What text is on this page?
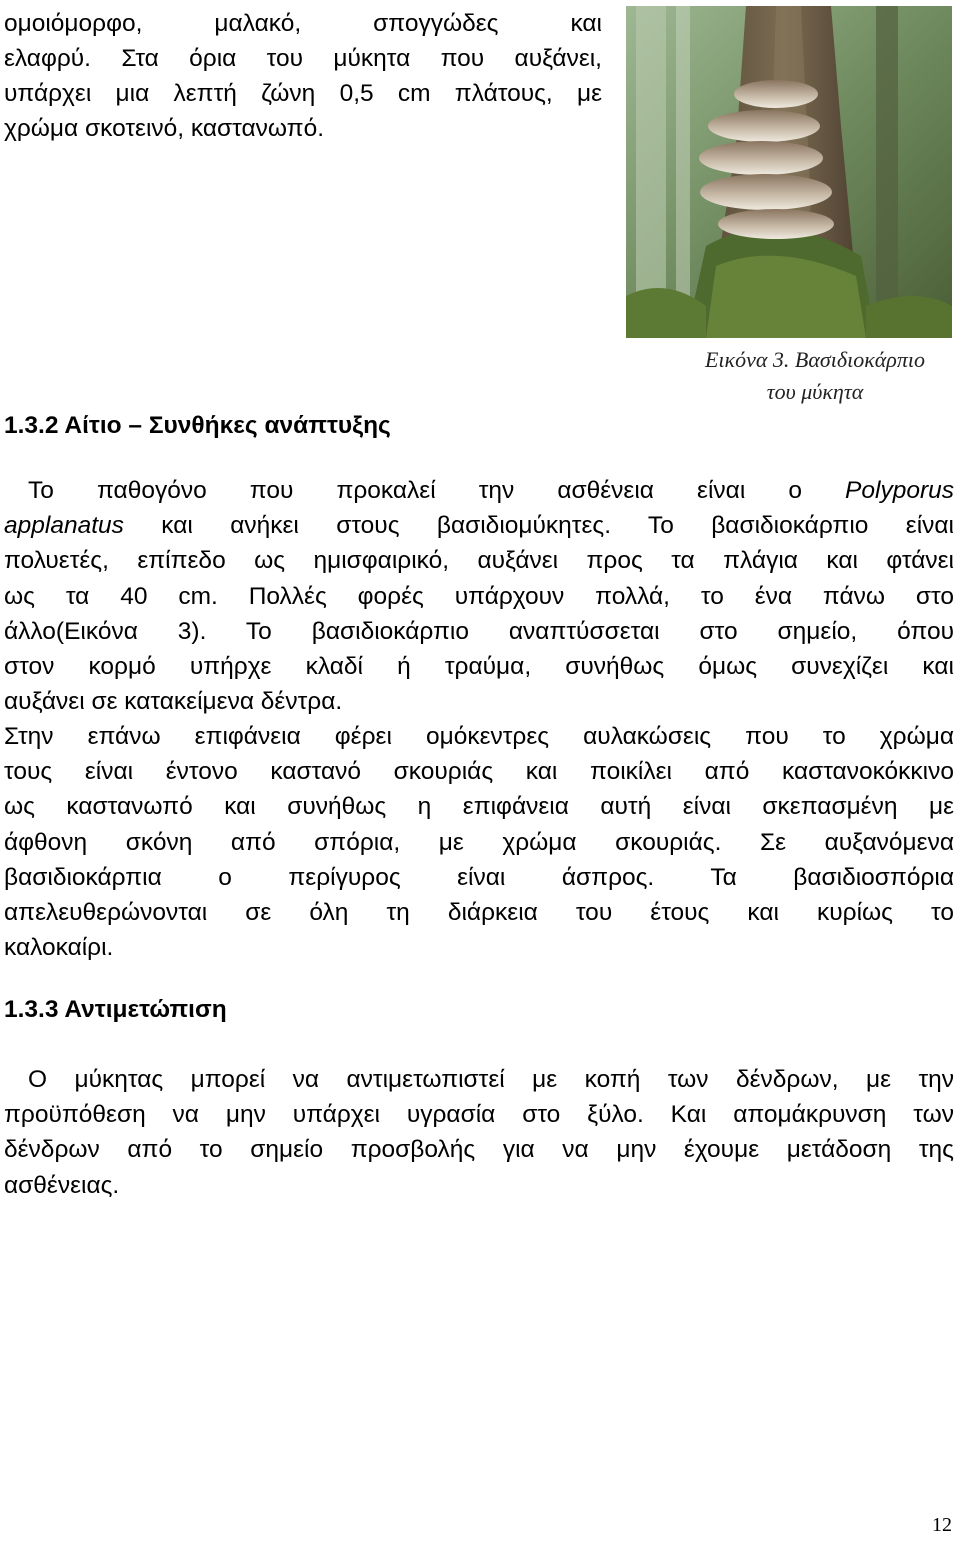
ομοιόμορφο, μαλακό, σπογγώδες και
ελαφρύ. Στα όρια του μύκητα που αυξάνει,
υπάρχει μια λεπτή ζώνη 0,5 cm πλάτους, με
χρώμα σκοτεινό, καστανωπό.
Εικόνα 3. Βασιδιοκάρπιο
του μύκητα
1.3.2 Αίτιο – Συνθήκες ανάπτυξης
Το παθογόνο που προκαλεί την ασθένεια είναι ο Polyporus
applanatus και ανήκει στους βασιδιομύκητες. Το βασιδιοκάρπιο είναι
πολυετές, επίπεδο ως ημισφαιρικό, αυξάνει προς τα πλάγια και φτάνει
ως τα 40 cm. Πολλές φορές υπάρχουν πολλά, το ένα πάνω στο
άλλο(Εικόνα 3). Το βασιδιοκάρπιο αναπτύσσεται στο σημείο, όπου
στον κορμό υπήρχε κλαδί ή τραύμα, συνήθως όμως συνεχίζει και
αυξάνει σε κατακείμενα δέντρα.
Στην επάνω επιφάνεια φέρει ομόκεντρες αυλακώσεις που το χρώμα
τους είναι έντονο καστανό σκουριάς και ποικίλει από καστανοκόκκινο
ως καστανωπό και συνήθως η επιφάνεια αυτή είναι σκεπασμένη με
άφθονη σκόνη από σπόρια, με χρώμα σκουριάς. Σε αυξανόμενα
βασιδιοκάρπια ο περίγυρος είναι άσπρος. Τα βασιδιοσπόρια
απελευθερώνονται σε όλη τη διάρκεια του έτους και κυρίως το
καλοκαίρι.
1.3.3 Αντιμετώπιση
Ο μύκητας μπορεί να αντιμετωπιστεί με κοπή των δένδρων, με την
προϋπόθεση να μην υπάρχει υγρασία στο ξύλο. Και απομάκρυνση των
δένδρων από το σημείο προσβολής για να μην έχουμε μετάδοση της
ασθένειας.
12
